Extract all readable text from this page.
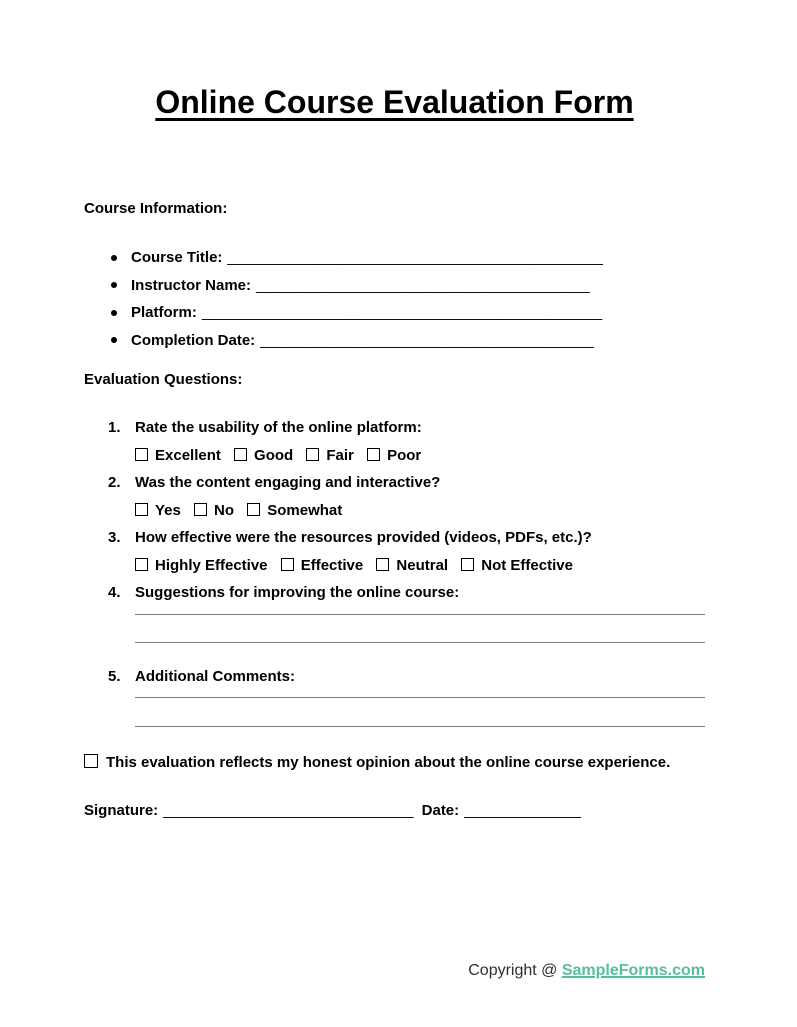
Online Course Evaluation Form
Course Information:
Course Title: _____________________________________________
Instructor Name: ________________________________________
Platform: ________________________________________________
Completion Date: ________________________________________
Evaluation Questions:
1. Rate the usability of the online platform:
Excellent Good Fair Poor
2. Was the content engaging and interactive?
Yes No Somewhat
3. How effective were the resources provided (videos, PDFs, etc.)?
Highly Effective Effective Neutral Not Effective
4. Suggestions for improving the online course:
5. Additional Comments:
This evaluation reflects my honest opinion about the online course experience.
Signature: ______________________________ Date: ______________
Copyright @ SampleForms.com
